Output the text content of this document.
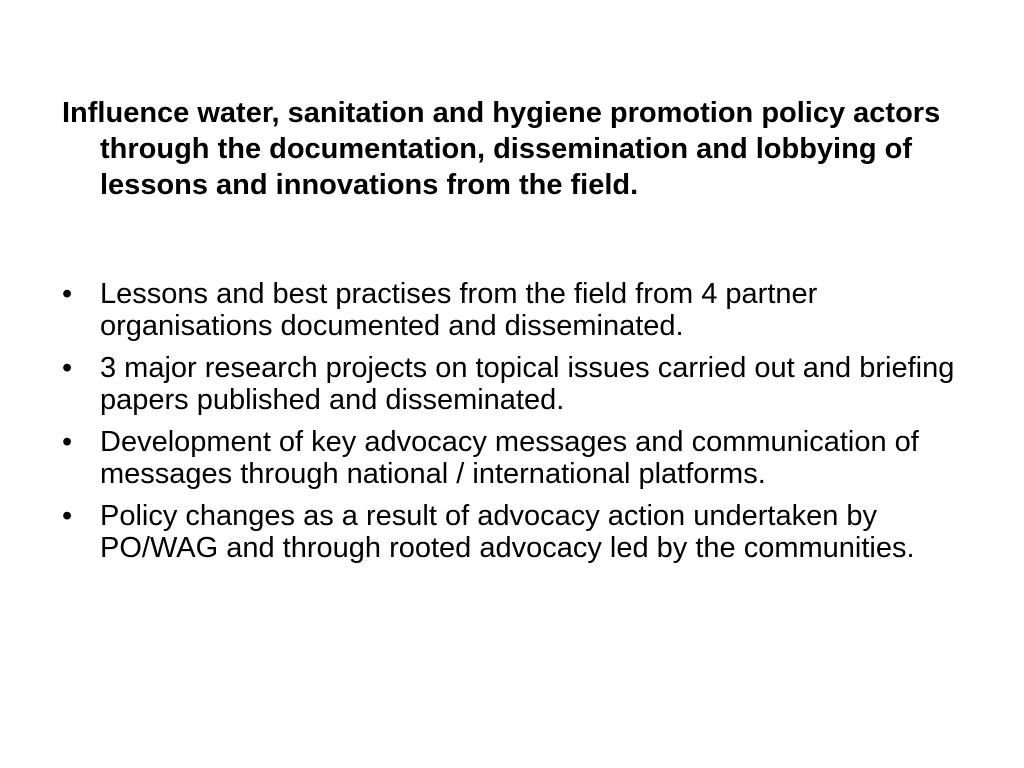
Influence water, sanitation and hygiene promotion policy actors through the documentation, dissemination and lobbying of lessons and innovations from the field.

• Lessons and best practises from the field from 4 partner organisations documented and disseminated.
• 3 major research projects on topical issues carried out and briefing papers published and disseminated.
• Development of key advocacy messages and communication of messages through national / international platforms.
• Policy changes as a result of advocacy action undertaken by PO/WAG and through rooted advocacy led by the communities.
